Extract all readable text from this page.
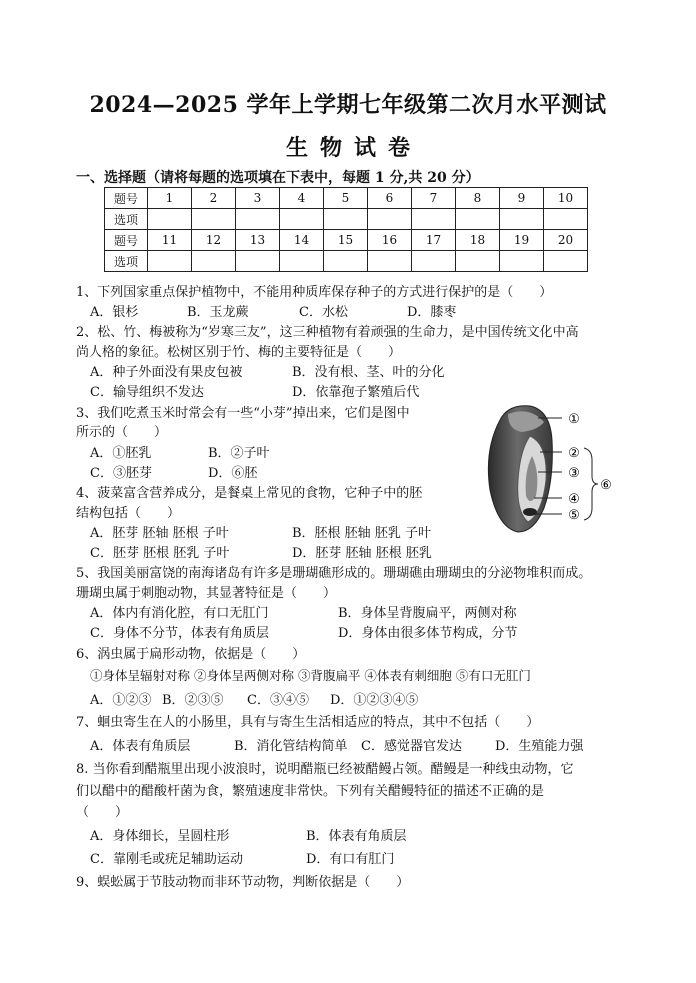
2024—2025 学年上学期七年级第二次月水平测试
生 物 试 卷
一、选择题（请将每题的选项填在下表中，每题 1 分,共 20 分）
题号	1	2	3	4	5	6	7	8	9	10
选项										
题号	11	12	13	14	15	16	17	18	19	20
选项										
1、下列国家重点保护植物中，不能用种质库保存种子的方式进行保护的是（　　）
A．银杉	B．玉龙蕨	C．水松	D．膝枣
2、松、竹、梅被称为“岁寒三友”，这三种植物有着顽强的生命力，是中国传统文化中高
尚人格的象征。松树区别于竹、梅的主要特征是（　　）
A．种子外面没有果皮包被	B．没有根、茎、叶的分化
C．输导组织不发达	D．依靠孢子繁殖后代
3、我们吃煮玉米时常会有一些“小芽”掉出来，它们是图中
所示的（　　）
A．①胚乳	B．②子叶
C．③胚芽	D．⑥胚
4、菠菜富含营养成分，是餐桌上常见的食物，它种子中的胚
结构包括（　　）
A．胚芽 胚轴 胚根 子叶	B．胚根 胚轴 胚乳 子叶
C．胚芽 胚根 胚乳 子叶	D．胚芽 胚轴 胚根 胚乳
①
②
③
④
⑤
⑥
5、我国美丽富饶的南海诸岛有许多是珊瑚礁形成的。珊瑚礁由珊瑚虫的分泌物堆积而成。
珊瑚虫属于刺胞动物，其显著特征是（　　）
A．体内有消化腔，有口无肛门	B．身体呈背腹扁平，两侧对称
C．身体不分节，体表有角质层	D．身体由很多体节构成，分节
6、涡虫属于扁形动物，依据是（　　）
①身体呈辐射对称 ②身体呈两侧对称 ③背腹扁平 ④体表有刺细胞 ⑤有口无肛门
A．①②③ B．②③⑤ C．③④⑤ D．①②③④⑤
7、蛔虫寄生在人的小肠里，具有与寄生生活相适应的特点，其中不包括（　　）
A．体表有角质层	B．消化管结构简单 C．感觉器官发达	D．生殖能力强
8. 当你看到醋瓶里出现小波浪时，说明醋瓶已经被醋鳗占领。醋鳗是一种线虫动物，它
们以醋中的醋酸杆菌为食，繁殖速度非常快。下列有关醋鳗特征的描述不正确的是
（　　）
A．身体细长，呈圆柱形	B．体表有角质层
C．靠刚毛或疣足辅助运动	D．有口有肛门
9、蜈蚣属于节肢动物而非环节动物，判断依据是（　　）
